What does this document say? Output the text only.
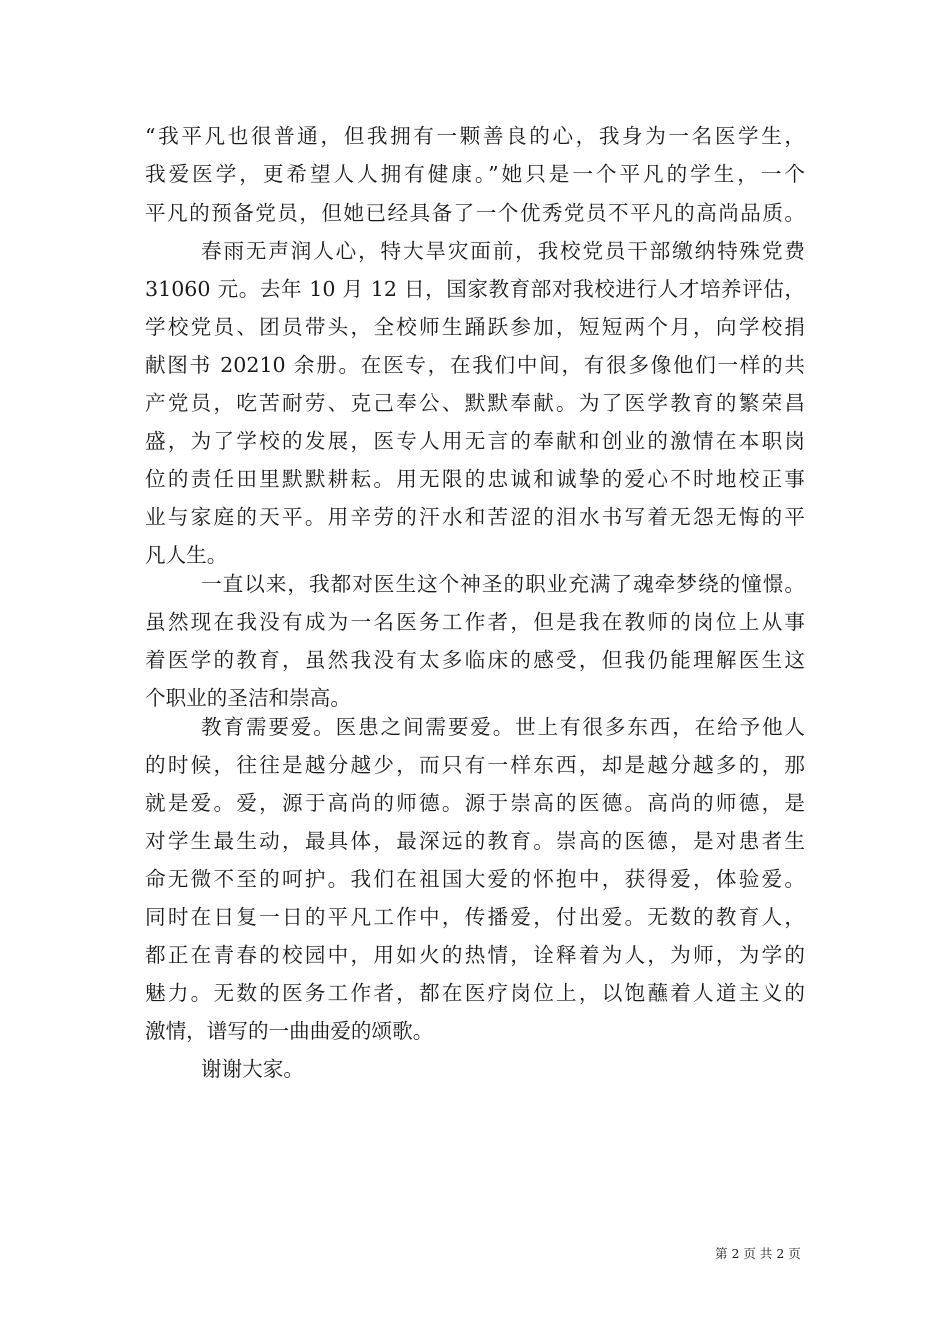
“我平凡也很普通，但我拥有一颗善良的心，我身为一名医学生，
我爱医学，更希望人人拥有健康。”她只是一个平凡的学生，一个
平凡的预备党员，但她已经具备了一个优秀党员不平凡的高尚品质。
春雨无声润人心，特大旱灾面前，我校党员干部缴纳特殊党费
31060 元。去年 10 月 12 日，国家教育部对我校进行人才培养评估，
学校党员、团员带头，全校师生踊跃参加，短短两个月，向学校捐
献图书 20210 余册。在医专，在我们中间，有很多像他们一样的共
产党员，吃苦耐劳、克己奉公、默默奉献。为了医学教育的繁荣昌
盛，为了学校的发展，医专人用无言的奉献和创业的激情在本职岗
位的责任田里默默耕耘。用无限的忠诚和诚挚的爱心不时地校正事
业与家庭的天平。用辛劳的汗水和苦涩的泪水书写着无怨无悔的平
凡人生。
一直以来，我都对医生这个神圣的职业充满了魂牵梦绕的憧憬。
虽然现在我没有成为一名医务工作者，但是我在教师的岗位上从事
着医学的教育，虽然我没有太多临床的感受，但我仍能理解医生这
个职业的圣洁和崇高。
教育需要爱。医患之间需要爱。世上有很多东西，在给予他人
的时候，往往是越分越少，而只有一样东西，却是越分越多的，那
就是爱。爱，源于高尚的师德。源于崇高的医德。高尚的师德，是
对学生最生动，最具体，最深远的教育。崇高的医德，是对患者生
命无微不至的呵护。我们在祖国大爱的怀抱中，获得爱，体验爱。
同时在日复一日的平凡工作中，传播爱，付出爱。无数的教育人，
都正在青春的校园中，用如火的热情，诠释着为人，为师，为学的
魅力。无数的医务工作者，都在医疗岗位上，以饱蘸着人道主义的
激情，谱写的一曲曲爱的颂歌。
谢谢大家。
第 2 页 共 2 页
